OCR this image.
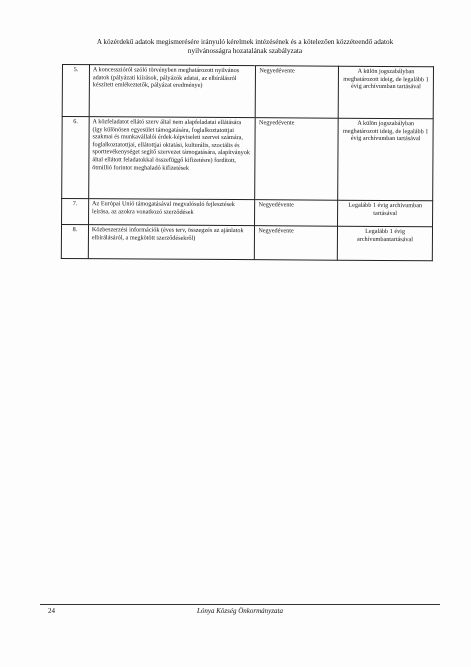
A közérdekű adatok megismerésére irányuló kérelmek intézésének és a kötelezően közzéteendő adatok
nyilvánosságra hozatalának szabályzata
5.	A koncesszióról szóló törvényben meghatározott nyilvános adatok (pályázati kiírások, pályázók adatai, az elbírálásról készített emlékeztetők, pályázat eredménye)	Negyedévente	A külön jogszabályban meghatározott ideig, de legalább 1 évig archívumban tartásával
6.	A közfeladatot ellátó szerv által nem alapfeladatai ellátására (így különösen egyesület támogatására, foglalkoztatottjai szakmai és munkavállalói érdek-képviseleti szervei számára, foglalkoztatottjai, ellátottjai oktatási, kulturális, szociális és sporttevékenységet segítő szervezet támogatására, alapítványok által ellátott feladatokkal összefüggő kifizetésre) fordított, ötmillió forintot meghaladó kifizetések	Negyedévente	A külön jogszabályban meghatározott ideig, de legalább 1 évig archívumban tartásával
7.	Az Európai Unió támogatásával megvalósuló fejlesztések leírása, az azokra vonatkozó szerződések	Negyedévente	Legalább 1 évig archívumban tartásával
8.	Közbeszerzési információk (éves terv, összegzés az ajánlatok elbírálásáról, a megkötött szerződésekről)	Negyedévente	Legalább 1 évig archívumbantartásával
24	Lónya Község Önkormányzata
